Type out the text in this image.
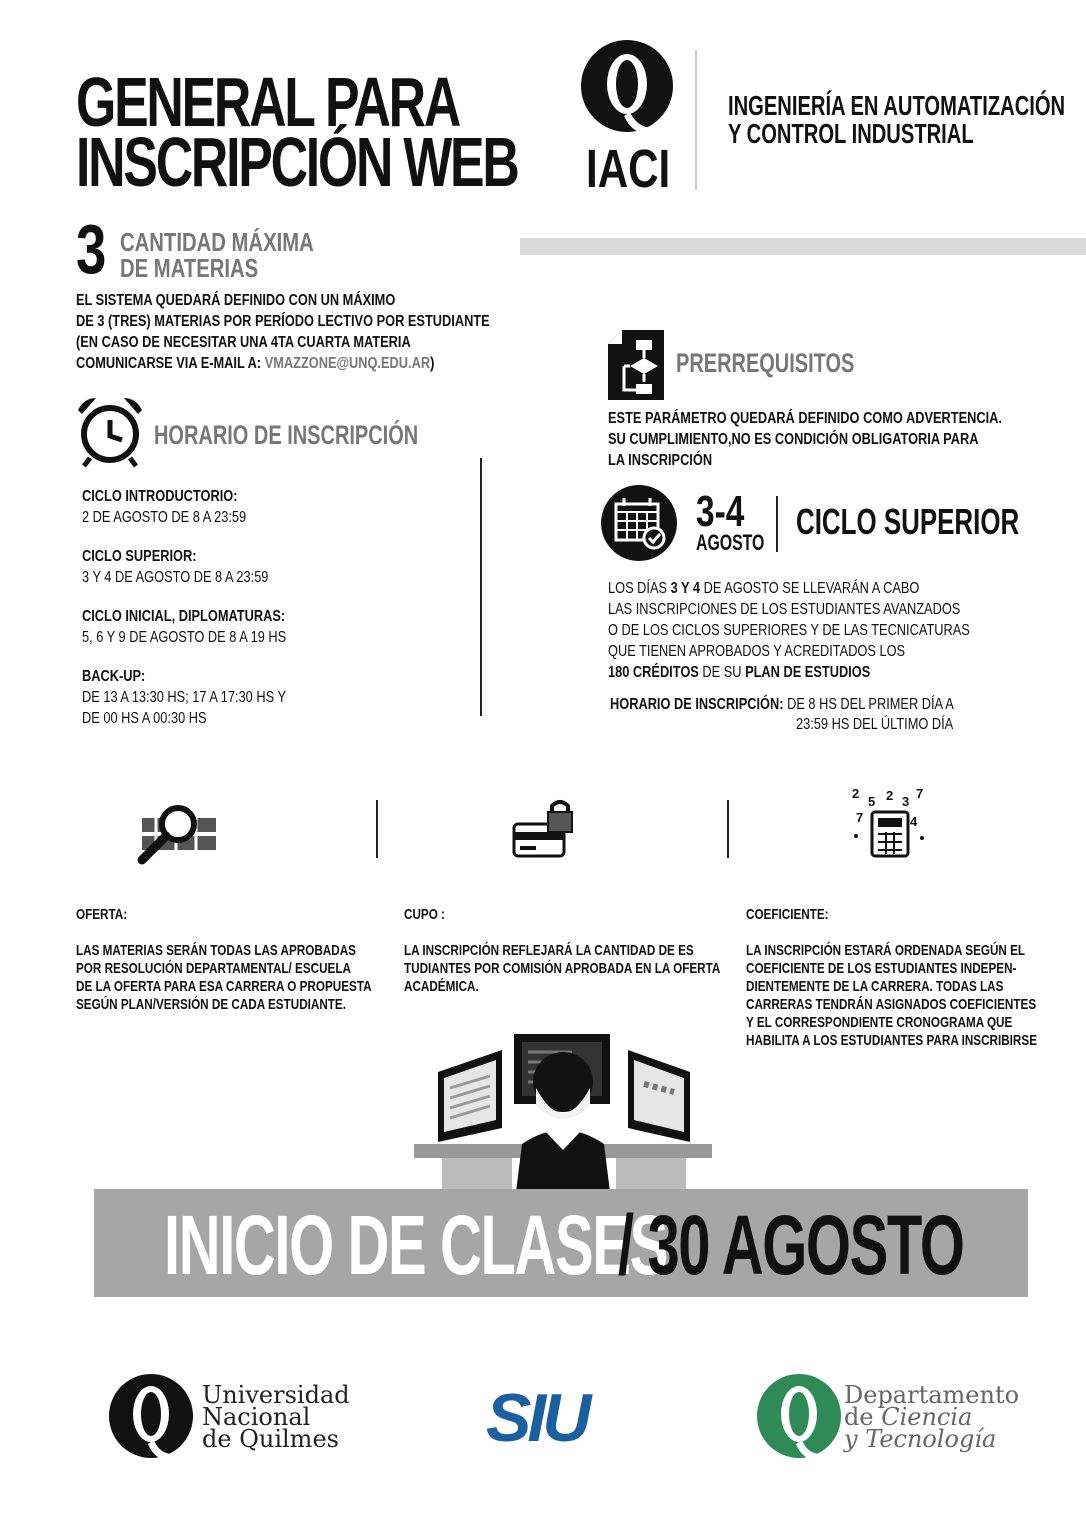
GENERAL PARA
INSCRIPCIÓN WEB	IACI
INGENIERÍA EN AUTOMATIZACIÓN
Y CONTROL INDUSTRIAL
3 CANTIDAD MÁXIMA
DE MATERIAS
EL SISTEMA QUEDARÁ DEFINIDO CON UN MÁXIMO
DE 3 (TRES) MATERIAS POR PERÍODO LECTIVO POR ESTUDIANTE
(EN CASO DE NECESITAR UNA 4TA CUARTA MATERIA
COMUNICARSE VIA E-MAIL A: VMAZZONE@UNQ.EDU.AR)
HORARIO DE INSCRIPCIÓN
CICLO INTRODUCTORIO:
2 DE AGOSTO DE 8 A 23:59
CICLO SUPERIOR:
3 Y 4 DE AGOSTO DE 8 A 23:59
CICLO INICIAL, DIPLOMATURAS:
5, 6 Y 9 DE AGOSTO DE 8 A 19 HS
BACK-UP:
DE 13 A 13:30 HS; 17 A 17:30 HS Y
DE 00 HS A 00:30 HS
PRERREQUISITOS
ESTE PARÁMETRO QUEDARÁ DEFINIDO COMO ADVERTENCIA.
SU CUMPLIMIENTO,NO ES CONDICIÓN OBLIGATORIA PARA
LA INSCRIPCIÓN
3-4
AGOSTO
CICLO SUPERIOR
LOS DÍAS 3 Y 4 DE AGOSTO SE LLEVARÁN A CABO
LAS INSCRIPCIONES DE LOS ESTUDIANTES AVANZADOS
O DE LOS CICLOS SUPERIORES Y DE LAS TECNICATURAS
QUE TIENEN APROBADOS Y ACREDITADOS LOS
180 CRÉDITOS DE SU PLAN DE ESTUDIOS
HORARIO DE INSCRIPCIÓN: DE 8 HS DEL PRIMER DÍA A
23:59 HS DEL ÚLTIMO DÍA
2
5 2 3
7
7	4
OFERTA:

LAS MATERIAS SERÁN TODAS LAS APROBADAS
POR RESOLUCIÓN DEPARTAMENTAL/ ESCUELA
DE LA OFERTA PARA ESA CARRERA O PROPUESTA
SEGÚN PLAN/VERSIÓN DE CADA ESTUDIANTE.
CUPO :

LA INSCRIPCIÓN REFLEJARÁ LA CANTIDAD DE ES
TUDIANTES POR COMISIÓN APROBADA EN LA OFERTA
ACADÉMICA.
COEFICIENTE:

LA INSCRIPCIÓN ESTARÁ ORDENADA SEGÚN EL
COEFICIENTE DE LOS ESTUDIANTES INDEPEN-
DIENTEMENTE DE LA CARRERA. TODAS LAS
CARRERAS TENDRÁN ASIGNADOS COEFICIENTES
Y EL CORRESPONDIENTE CRONOGRAMA QUE
HABILITA A LOS ESTUDIANTES PARA INSCRIBIRSE
INICIO DE CLASES
/ 30 AGOSTO
Universidad
Nacional
de Quilmes SIU	Departamento
de Ciencia
y Tecnología
